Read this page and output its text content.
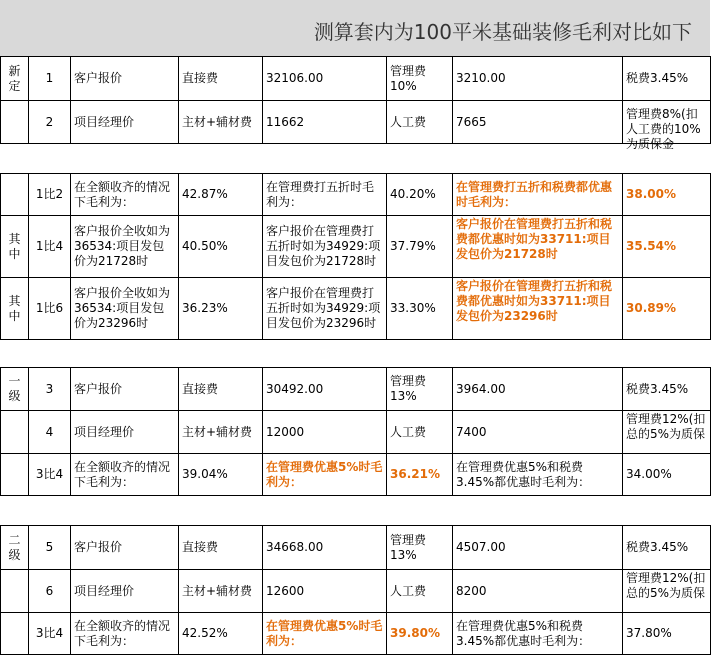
测算套内为100平米基础装修毛利对比如下
新定	1	客户报价	直接费	32106.00	管理费10%	3210.00	税费3.45%
	2	项目经理价	主材+辅材费	11662	人工费	7665	管理费8%(扣人工费的10%为质保金

	1比2	在全额收齐的情况下毛利为：	42.87%	在管理费打五折时毛利为：	40.20%	在管理费打五折和税费都优惠时毛利为：	38.00%
其中	1比4	客户报价全收如为36534:项目发包价为21728时	40.50%	客户报价在管理费打五折时如为34929:项目发包价为21728时	37.79%	客户报价在管理费打五折和税费都优惠时如为33711:项目发包价为21728时	35.54%
其中	1比6	客户报价全收如为36534:项目发包价为23296时	36.23%	客户报价在管理费打五折时如为34929:项目发包价为23296时	33.30%	客户报价在管理费打五折和税费都优惠时如为33711:项目发包价为23296时	30.89%

一级	3	客户报价	直接费	30492.00	管理费13%	3964.00	税费3.45%
	4	项目经理价	主材+辅材费	12000	人工费	7400	管理费12%(扣总的5%为质保

	3比4	在全额收齐的情况下毛利为：	39.04%	在管理费优惠5%时毛利为：	36.21%	在管理费优惠5%和税费3.45%都优惠时毛利为：	34.00%

二级	5	客户报价	直接费	34668.00	管理费13%	4507.00	税费3.45%
	6	项目经理价	主材+辅材费	12600	人工费	8200	管理费12%(扣总的5%为质保

	3比4	在全额收齐的情况下毛利为：	42.52%	在管理费优惠5%时毛利为：	39.80%	在管理费优惠5%和税费3.45%都优惠时毛利为：	37.80%
